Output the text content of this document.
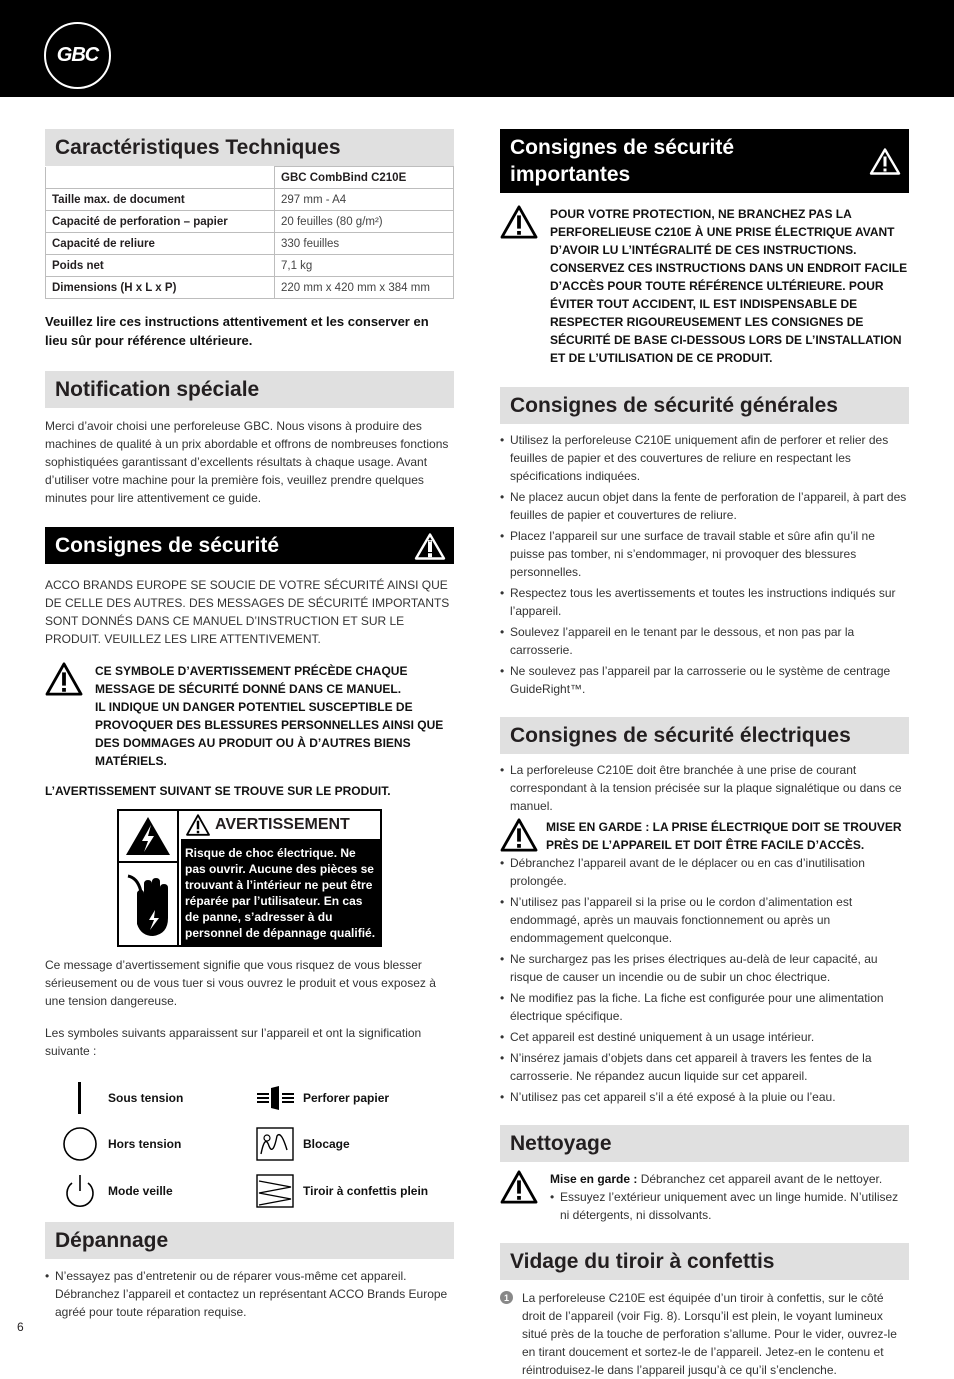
GBC
Caractéristiques Techniques
	GBC CombBind C210E
Taille max. de document	297 mm - A4
Capacité de perforation – papier	20 feuilles (80 g/m²)
Capacité de reliure	330 feuilles
Poids net	7,1 kg
Dimensions (H x L x P)	220 mm x 420 mm x 384 mm
Veuillez lire ces instructions attentivement et les conserver en lieu sûr pour référence ultérieure.
Notification spéciale
Merci d’avoir choisi une perforeleuse GBC. Nous visons à produire des machines de qualité à un prix abordable et offrons de nombreuses fonctions sophistiquées garantissant d’excellents résultats à chaque usage. Avant d’utiliser votre machine pour la première fois, veuillez prendre quelques minutes pour lire attentivement ce guide.
Consignes de sécurité
ACCO BRANDS EUROPE SE SOUCIE DE VOTRE SÉCURITÉ AINSI QUE DE CELLE DES AUTRES. DES MESSAGES DE SÉCURITÉ IMPORTANTS SONT DONNÉS DANS CE MANUEL D’INSTRUCTION ET SUR LE PRODUIT. VEUILLEZ LES LIRE ATTENTIVEMENT.
CE SYMBOLE D’AVERTISSEMENT PRÉCÈDE CHAQUE MESSAGE DE SÉCURITÉ DONNÉ DANS CE MANUEL.
IL INDIQUE UN DANGER POTENTIEL SUSCEPTIBLE DE PROVOQUER DES BLESSURES PERSONNELLES AINSI QUE DES DOMMAGES AU PRODUIT OU À D’AUTRES BIENS MATÉRIELS.
L’AVERTISSEMENT SUIVANT SE TROUVE SUR LE PRODUIT.
AVERTISSEMENT
Risque de choc électrique. Ne pas ouvrir. Aucune des pièces se trouvant à l’intérieur ne peut être réparée par l’utilisateur. En cas de panne, s’adresser à du personnel de dépannage qualifié.
Ce message d’avertissement signifie que vous risquez de vous blesser sérieusement ou de vous tuer si vous ouvrez le produit et vous exposez à une tension dangereuse.
Les symboles suivants apparaissent sur l’appareil et ont la signification suivante :
Sous tension
Hors tension
Mode veille
Perforer papier
Blocage
Tiroir à confettis plein
Dépannage
• N’essayez pas d’entretenir ou de réparer vous-même cet appareil. Débranchez l’appareil et contactez un représentant ACCO Brands Europe agréé pour toute réparation requise.
Consignes de sécurité importantes
POUR VOTRE PROTECTION, NE BRANCHEZ PAS LA PERFORELIEUSE C210E À UNE PRISE ÉLECTRIQUE AVANT D’AVOIR LU L’INTÉGRALITÉ DE CES INSTRUCTIONS. CONSERVEZ CES INSTRUCTIONS DANS UN ENDROIT FACILE D’ACCÈS POUR TOUTE RÉFÉRENCE ULTÉRIEURE. POUR ÉVITER TOUT ACCIDENT, IL EST INDISPENSABLE DE RESPECTER RIGOUREUSEMENT LES CONSIGNES DE SÉCURITÉ DE BASE CI-DESSOUS LORS DE L’INSTALLATION ET DE L’UTILISATION DE CE PRODUIT.
Consignes de sécurité générales
• Utilisez la perforeleuse C210E uniquement afin de perforer et relier des feuilles de papier et des couvertures de reliure en respectant les spécifications indiquées.
• Ne placez aucun objet dans la fente de perforation de l’appareil, à part des feuilles de papier et couvertures de reliure.
• Placez l’appareil sur une surface de travail stable et sûre afin qu’il ne puisse pas tomber, ni s’endommager, ni provoquer des blessures personnelles.
• Respectez tous les avertissements et toutes les instructions indiqués sur l’appareil.
• Soulevez l’appareil en le tenant par le dessous, et non pas par la carrosserie.
• Ne soulevez pas l’appareil par la carrosserie ou le système de centrage GuideRight™.
Consignes de sécurité électriques
• La perforeleuse C210E doit être branchée à une prise de courant correspondant à la tension précisée sur la plaque signalétique ou dans ce manuel.
MISE EN GARDE : LA PRISE ÉLECTRIQUE DOIT SE TROUVER PRÈS DE L’APPAREIL ET DOIT ÊTRE FACILE D’ACCÈS.
• Débranchez l’appareil avant de le déplacer ou en cas d’inutilisation prolongée.
• N’utilisez pas l’appareil si la prise ou le cordon d’alimentation est endommagé, après un mauvais fonctionnement ou après un endommagement quelconque.
• Ne surchargez pas les prises électriques au-delà de leur capacité, au risque de causer un incendie ou de subir un choc électrique.
• Ne modifiez pas la fiche. La fiche est configurée pour une alimentation électrique spécifique.
• Cet appareil est destiné uniquement à un usage intérieur.
• N’insérez jamais d’objets dans cet appareil à travers les fentes de la carrosserie. Ne répandez aucun liquide sur cet appareil.
• N’utilisez pas cet appareil s’il a été exposé à la pluie ou l’eau.
Nettoyage
Mise en garde : Débranchez cet appareil avant de le nettoyer.
• Essuyez l’extérieur uniquement avec un linge humide. N’utilisez ni détergents, ni dissolvants.
Vidage du tiroir à confettis
1	La perforeleuse C210E est équipée d’un tiroir à confettis, sur le côté droit de l’appareil (voir Fig. 8). Lorsqu’il est plein, le voyant lumineux situé près de la touche de perforation s’allume. Pour le vider, ouvrez-le en tirant doucement et sortez-le de l’appareil. Jetez-en le contenu et réintroduisez-le dans l’appareil jusqu’à ce qu’il s’enclenche.
6
